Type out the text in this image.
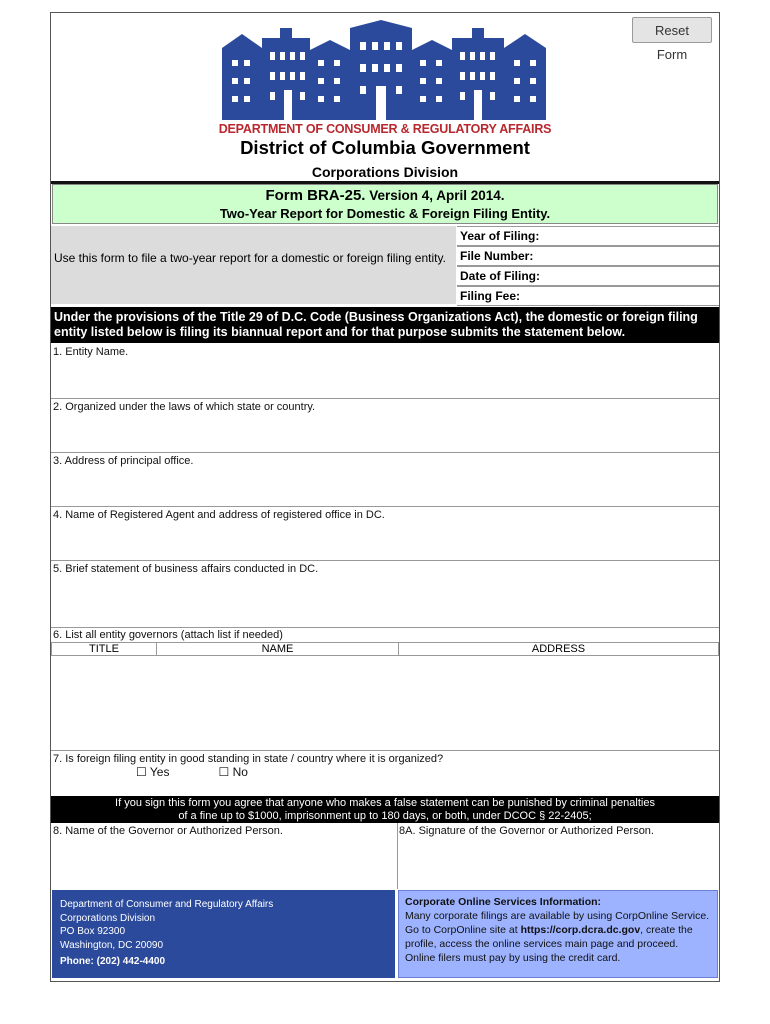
Reset Form
DEPARTMENT OF CONSUMER & REGULATORY AFFAIRS
District of Columbia Government
Corporations Division
Form BRA-25. Version 4, April 2014.
Two-Year Report for Domestic & Foreign Filing Entity.
Use this form to file a two-year report for a domestic or foreign filing entity.
Year of Filing:
File Number:
Date of Filing:
Filing Fee:
Under the provisions of the Title 29 of D.C. Code (Business Organizations Act), the domestic or foreign filing entity listed below is filing its biannual report and for that purpose submits the statement below.
1. Entity Name.
2. Organized under the laws of which state or country.
3. Address of principal office.
4. Name of Registered Agent and address of registered office in DC.
5. Brief statement of business affairs conducted in DC.
6. List all entity governors (attach list if needed)
TITLE	NAME	ADDRESS
7. Is foreign filing entity in good standing in state / country where it is organized?
☐ Yes	☐ No
If you sign this form you agree that anyone who makes a false statement can be punished by criminal penalties
of a fine up to $1000, imprisonment up to 180 days, or both, under DCOC § 22-2405;
8. Name of the Governor or Authorized Person.	8A. Signature of the Governor or Authorized Person.
Department of Consumer and Regulatory Affairs
Corporations Division
PO Box 92300
Washington, DC 20090
Phone: (202) 442-4400
Corporate Online Services Information:
Many corporate filings are available by using CorpOnline Service. Go to CorpOnline site at https://corp.dcra.dc.gov, create the profile, access the online services main page and proceed. Online filers must pay by using the credit card.
